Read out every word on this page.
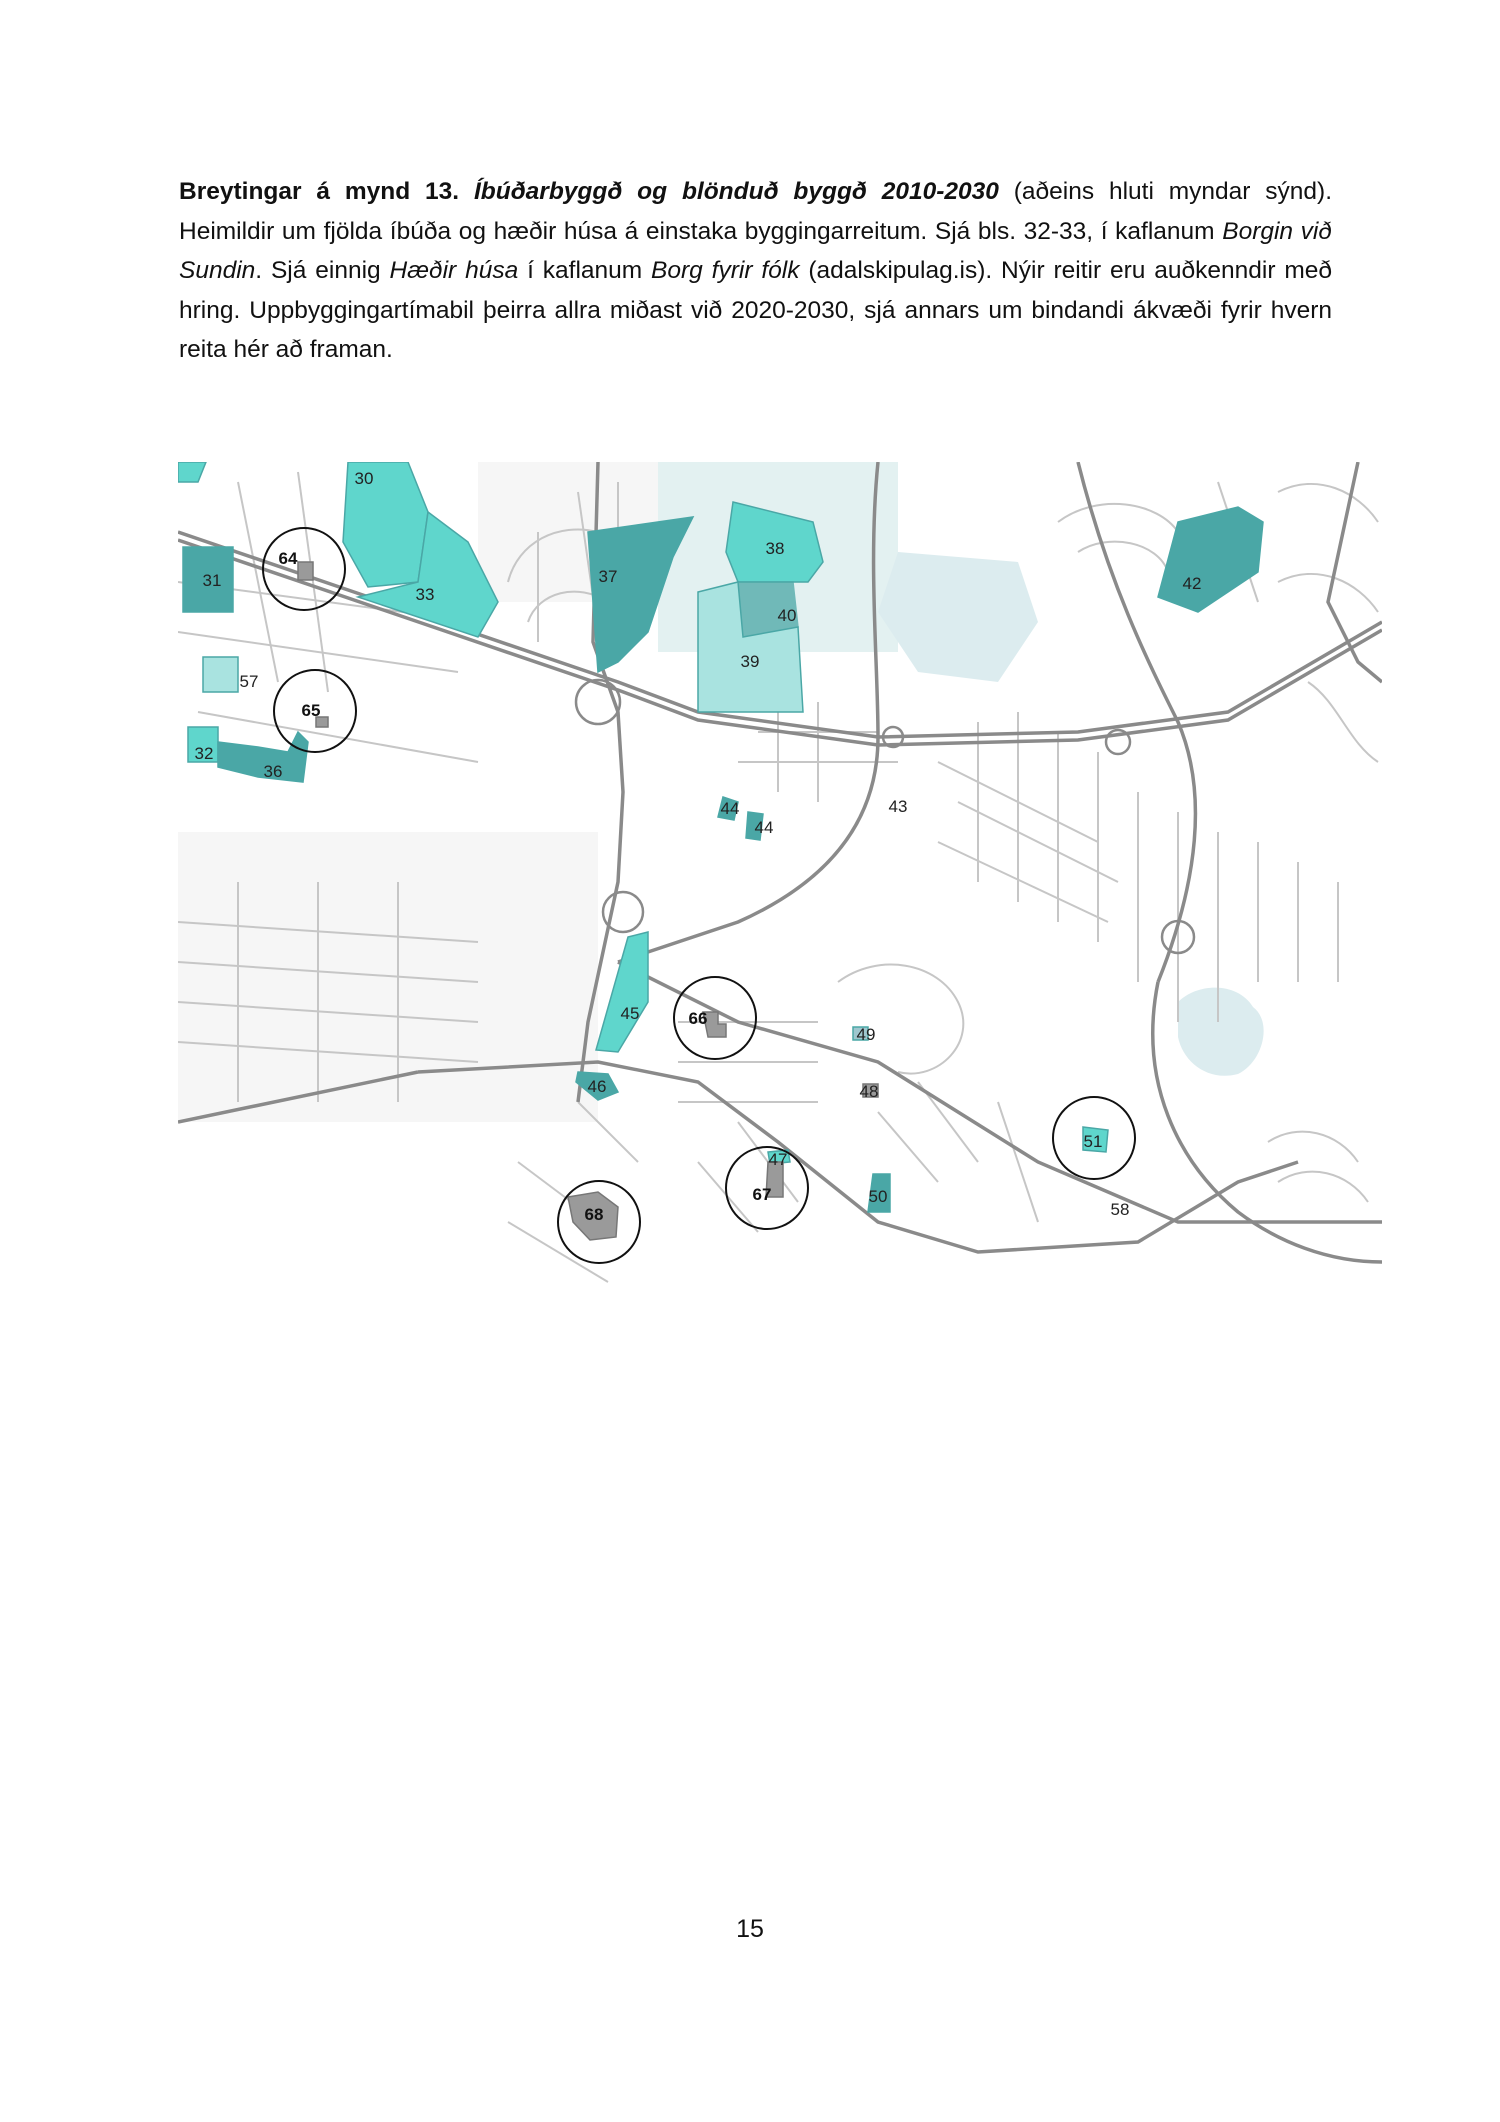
Breytingar á mynd 13. Íbúðarbyggð og blönduð byggð 2010-2030 (aðeins hluti myndar sýnd). Heimildir um fjölda íbúða og hæðir húsa á einstaka byggingarreitum. Sjá bls. 32-33, í kaflanum Borgin við Sundin. Sjá einnig Hæðir húsa í kaflanum Borg fyrir fólk (adalskipulag.is). Nýir reitir eru auðkenndir með hring. Uppbyggingartímabil þeirra allra miðast við 2020-2030, sjá annars um bindandi ákvæði fyrir hvern reita hér að framan.
30
31
32
33
36
37
38
39
40
42
43
44
44
45
46
47
48
49
50
51
57
58
64
65
66
67
68
15
